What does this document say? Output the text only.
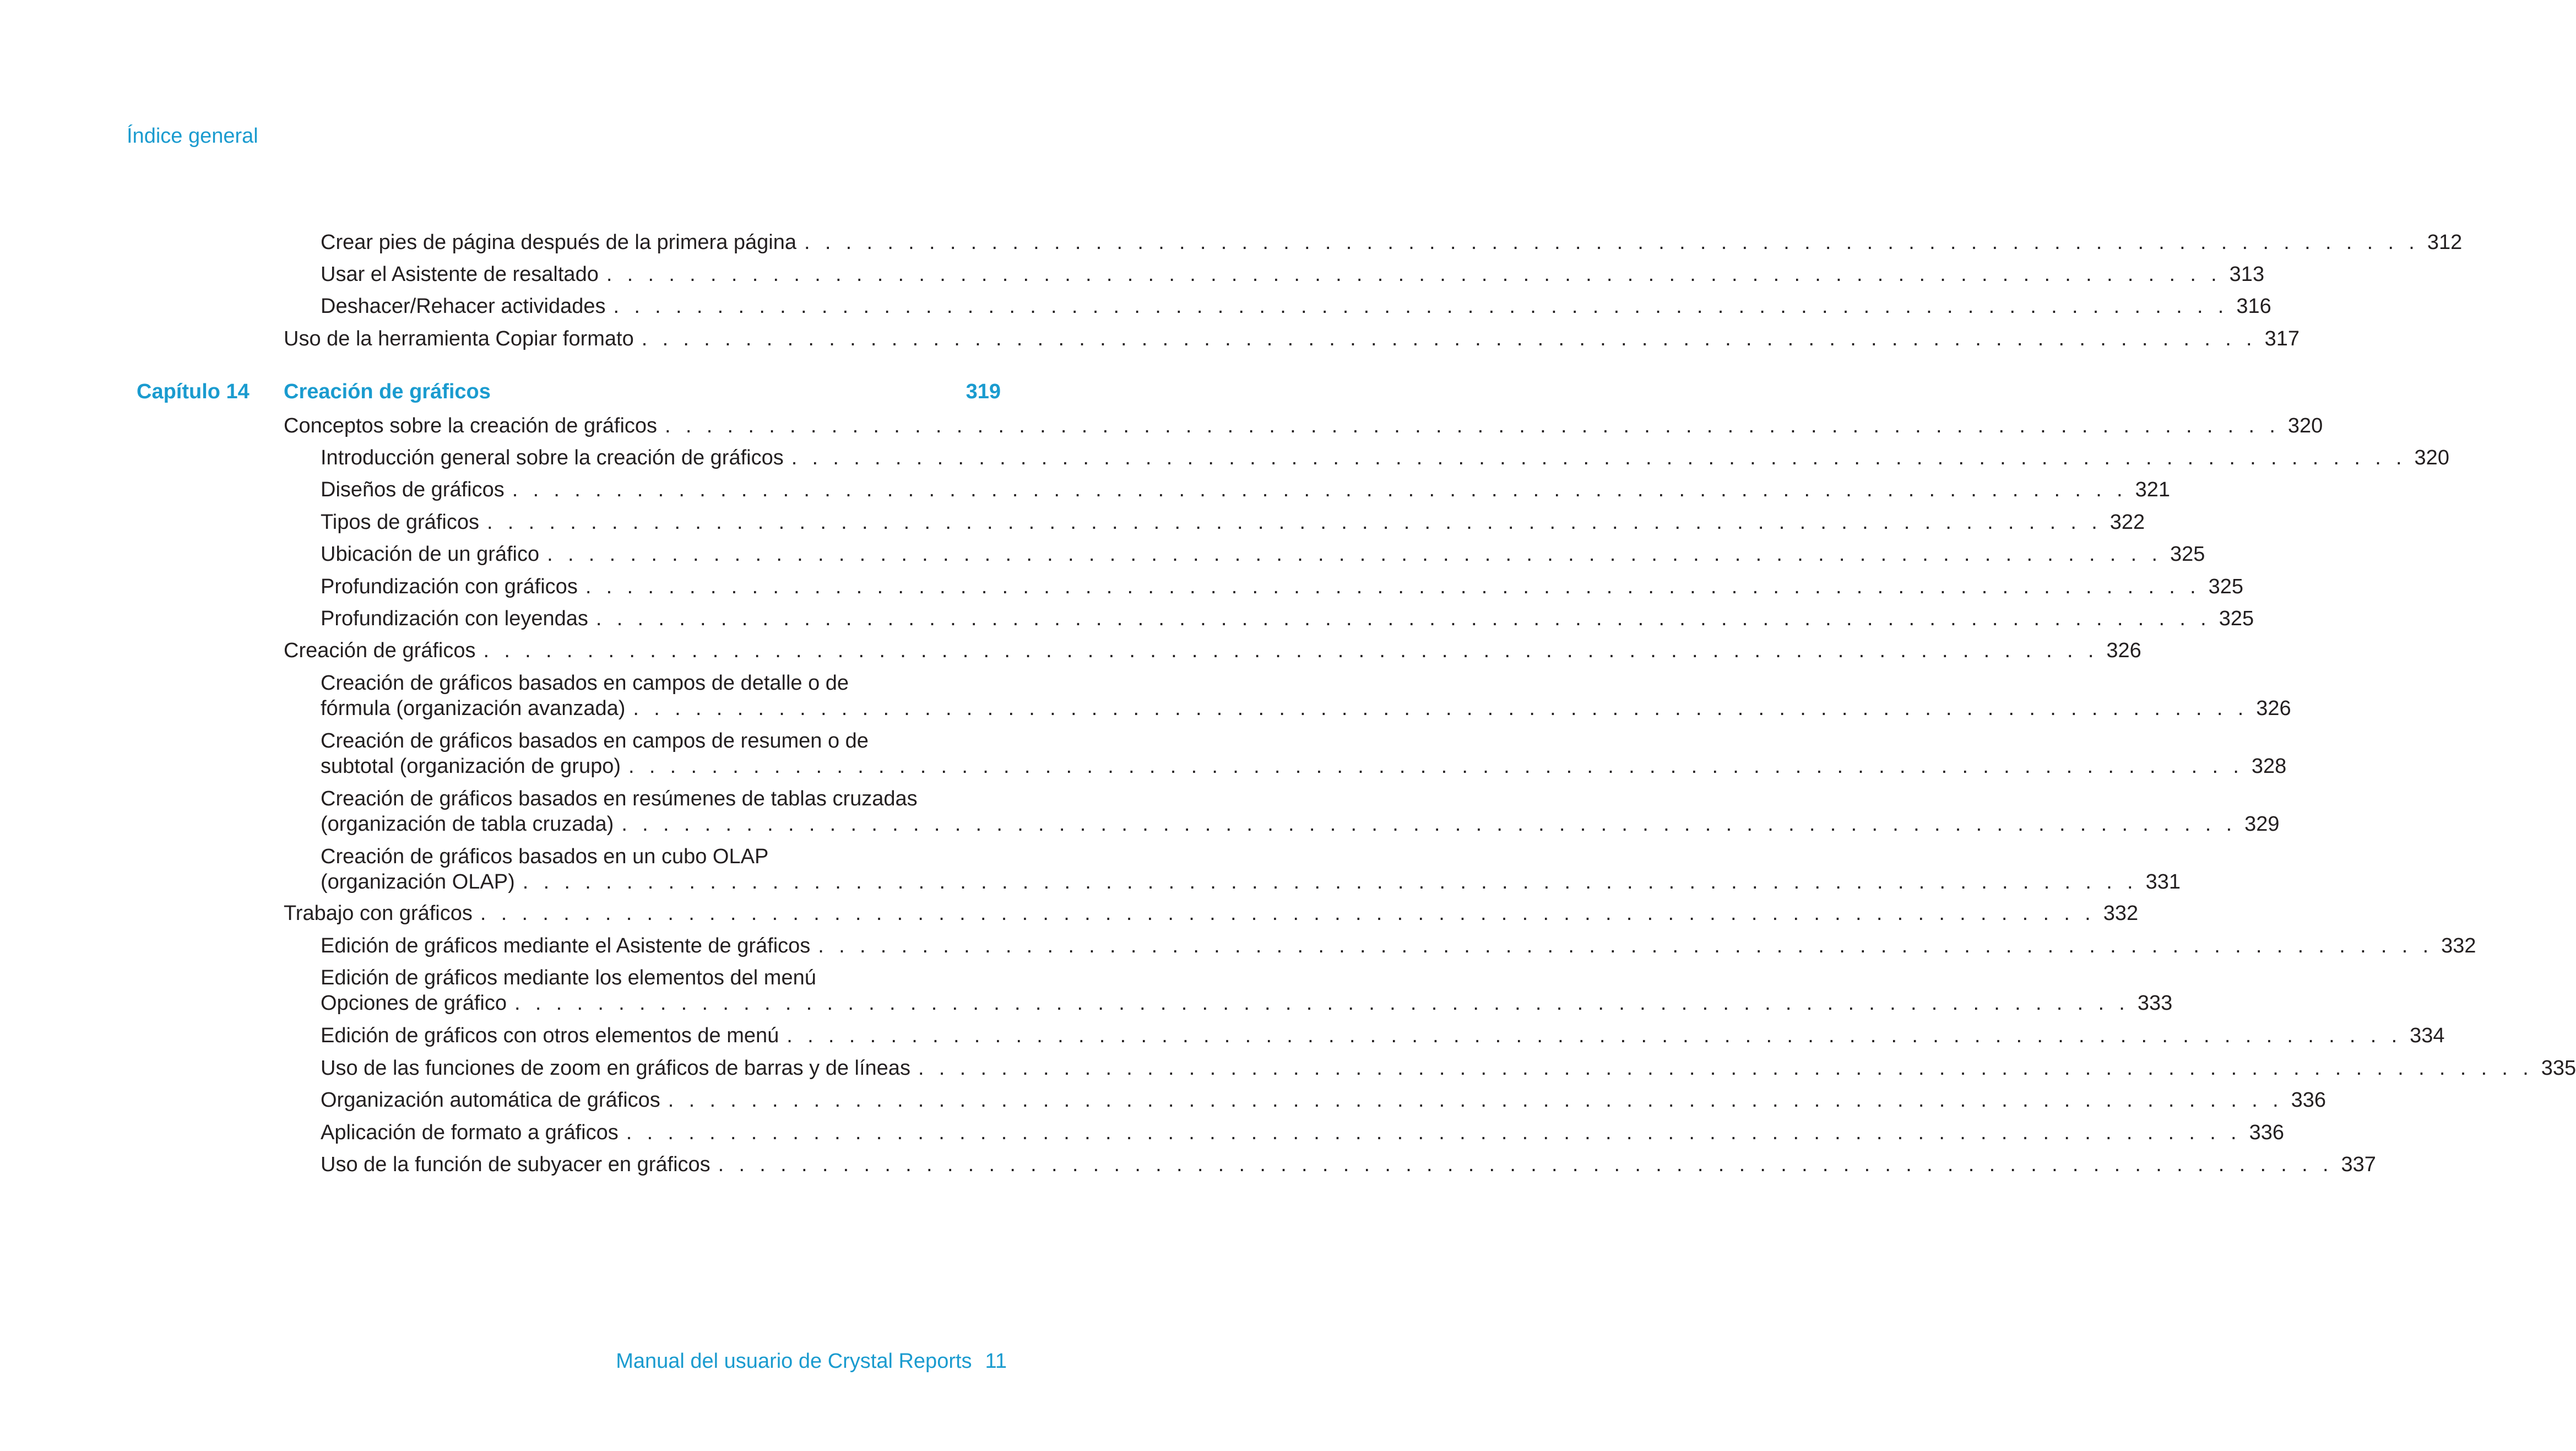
Índice general
Crear pies de página después de la primera página . . . . . . . . . . . . . . . . . . . . . . . . . . . . . . . . . . . . . . . . . . . . . . . . . . . . . . . . . . . . . . . . . . . . . . . . . . . . . . 312
Usar el Asistente de resaltado . . . . . . . . . . . . . . . . . . . . . . . . . . . . . . . . . . . . . . . . . . . . . . . . . . . . . . . . . . . . . . . . . . . . . . . . . . . . . . 313
Deshacer/Rehacer actividades . . . . . . . . . . . . . . . . . . . . . . . . . . . . . . . . . . . . . . . . . . . . . . . . . . . . . . . . . . . . . . . . . . . . . . . . . . . . . . 316
Uso de la herramienta Copiar formato . . . . . . . . . . . . . . . . . . . . . . . . . . . . . . . . . . . . . . . . . . . . . . . . . . . . . . . . . . . . . . . . . . . . . . . . . . . . . . 317
Capítulo 14 Creación de gráficos	319
Conceptos sobre la creación de gráficos . . . . . . . . . . . . . . . . . . . . . . . . . . . . . . . . . . . . . . . . . . . . . . . . . . . . . . . . . . . . . . . . . . . . . . . . . . . . . . 320
Introducción general sobre la creación de gráficos . . . . . . . . . . . . . . . . . . . . . . . . . . . . . . . . . . . . . . . . . . . . . . . . . . . . . . . . . . . . . . . . . . . . . . . . . . . . . . 320
Diseños de gráficos . . . . . . . . . . . . . . . . . . . . . . . . . . . . . . . . . . . . . . . . . . . . . . . . . . . . . . . . . . . . . . . . . . . . . . . . . . . . . . 321
Tipos de gráficos . . . . . . . . . . . . . . . . . . . . . . . . . . . . . . . . . . . . . . . . . . . . . . . . . . . . . . . . . . . . . . . . . . . . . . . . . . . . . . 322
Ubicación de un gráfico . . . . . . . . . . . . . . . . . . . . . . . . . . . . . . . . . . . . . . . . . . . . . . . . . . . . . . . . . . . . . . . . . . . . . . . . . . . . . . 325
Profundización con gráficos . . . . . . . . . . . . . . . . . . . . . . . . . . . . . . . . . . . . . . . . . . . . . . . . . . . . . . . . . . . . . . . . . . . . . . . . . . . . . . 325
Profundización con leyendas . . . . . . . . . . . . . . . . . . . . . . . . . . . . . . . . . . . . . . . . . . . . . . . . . . . . . . . . . . . . . . . . . . . . . . . . . . . . . . 325
Creación de gráficos . . . . . . . . . . . . . . . . . . . . . . . . . . . . . . . . . . . . . . . . . . . . . . . . . . . . . . . . . . . . . . . . . . . . . . . . . . . . . . 326
Creación de gráficos basados en campos de detalle o de
fórmula (organización avanzada) . . . . . . . . . . . . . . . . . . . . . . . . . . . . . . . . . . . . . . . . . . . . . . . . . . . . . . . . . . . . . . . . . . . . . . . . . . . . . . 326
Creación de gráficos basados en campos de resumen o de
subtotal (organización de grupo) . . . . . . . . . . . . . . . . . . . . . . . . . . . . . . . . . . . . . . . . . . . . . . . . . . . . . . . . . . . . . . . . . . . . . . . . . . . . . . 328
Creación de gráficos basados en resúmenes de tablas cruzadas
(organización de tabla cruzada) . . . . . . . . . . . . . . . . . . . . . . . . . . . . . . . . . . . . . . . . . . . . . . . . . . . . . . . . . . . . . . . . . . . . . . . . . . . . . . 329
Creación de gráficos basados en un cubo OLAP
(organización OLAP) . . . . . . . . . . . . . . . . . . . . . . . . . . . . . . . . . . . . . . . . . . . . . . . . . . . . . . . . . . . . . . . . . . . . . . . . . . . . . . 331
Trabajo con gráficos . . . . . . . . . . . . . . . . . . . . . . . . . . . . . . . . . . . . . . . . . . . . . . . . . . . . . . . . . . . . . . . . . . . . . . . . . . . . . . 332
Edición de gráficos mediante el Asistente de gráficos . . . . . . . . . . . . . . . . . . . . . . . . . . . . . . . . . . . . . . . . . . . . . . . . . . . . . . . . . . . . . . . . . . . . . . . . . . . . . . 332
Edición de gráficos mediante los elementos del menú
Opciones de gráfico . . . . . . . . . . . . . . . . . . . . . . . . . . . . . . . . . . . . . . . . . . . . . . . . . . . . . . . . . . . . . . . . . . . . . . . . . . . . . . 333
Edición de gráficos con otros elementos de menú . . . . . . . . . . . . . . . . . . . . . . . . . . . . . . . . . . . . . . . . . . . . . . . . . . . . . . . . . . . . . . . . . . . . . . . . . . . . . . 334
Uso de las funciones de zoom en gráficos de barras y de líneas . . . . . . . . . . . . . . . . . . . . . . . . . . . . . . . . . . . . . . . . . . . . . . . . . . . . . . . . . . . . . . . . . . . . . . . . . . . . . . 335
Organización automática de gráficos . . . . . . . . . . . . . . . . . . . . . . . . . . . . . . . . . . . . . . . . . . . . . . . . . . . . . . . . . . . . . . . . . . . . . . . . . . . . . . 336
Aplicación de formato a gráficos . . . . . . . . . . . . . . . . . . . . . . . . . . . . . . . . . . . . . . . . . . . . . . . . . . . . . . . . . . . . . . . . . . . . . . . . . . . . . . 336
Uso de la función de subyacer en gráficos . . . . . . . . . . . . . . . . . . . . . . . . . . . . . . . . . . . . . . . . . . . . . . . . . . . . . . . . . . . . . . . . . . . . . . . . . . . . . . 337
Manual del usuario de Crystal Reports 11
